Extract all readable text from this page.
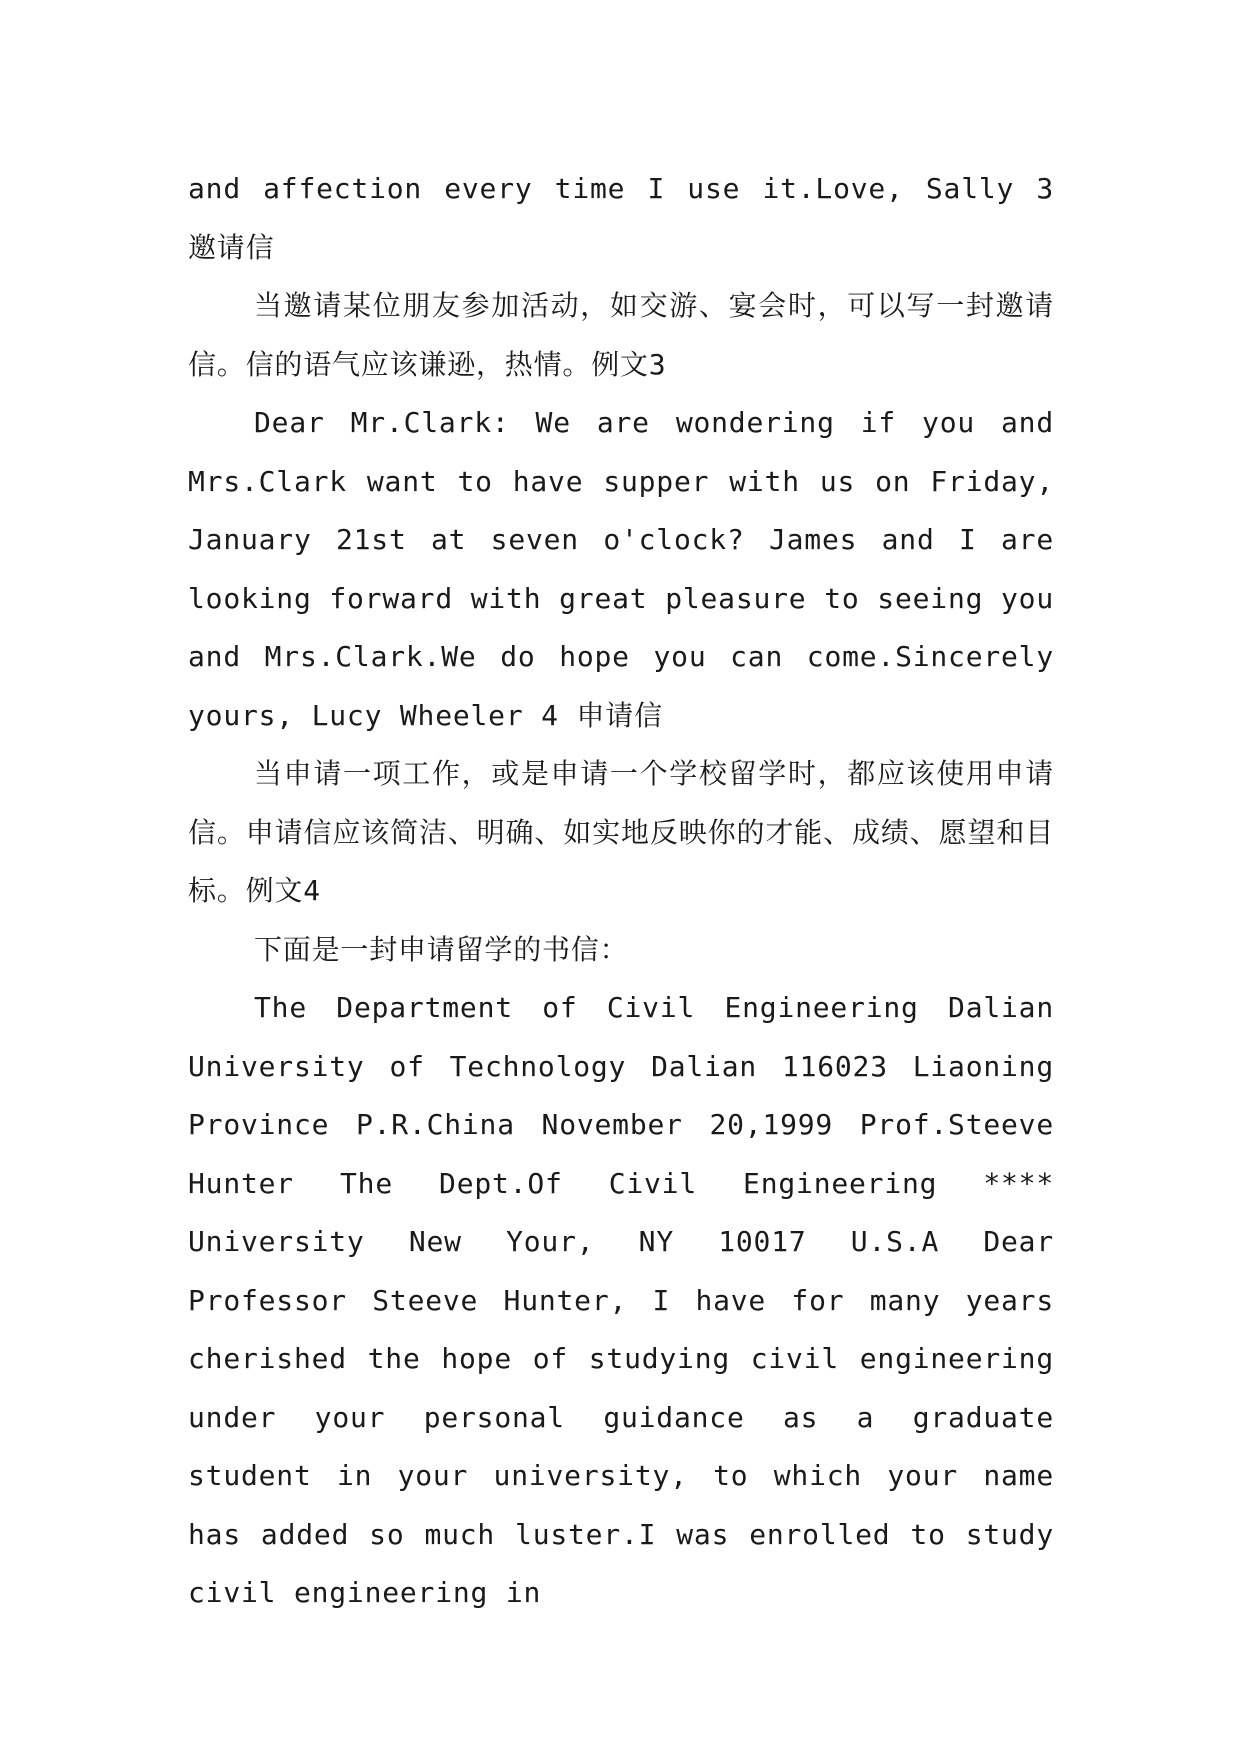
and affection every time I use it.Love, Sally 3 邀请信

当邀请某位朋友参加活动，如交游、宴会时，可以写一封邀请信。信的语气应该谦逊，热情。例文3

Dear Mr.Clark: We are wondering if you and Mrs.Clark want to have supper with us on Friday, January 21st at seven o'clock? James and I are looking forward with great pleasure to seeing you and Mrs.Clark.We do hope you can come.Sincerely yours, Lucy Wheeler 4 申请信

当申请一项工作，或是申请一个学校留学时，都应该使用申请信。申请信应该简洁、明确、如实地反映你的才能、成绩、愿望和目标。例文4

下面是一封申请留学的书信：

The Department of Civil Engineering Dalian University of Technology Dalian 116023 Liaoning Province P.R.China November 20,1999 Prof.Steeve Hunter The Dept.Of Civil Engineering **** University New Your, NY 10017 U.S.A Dear Professor Steeve Hunter, I have for many years cherished the hope of studying civil engineering under your personal guidance as a graduate student in your university, to which your name has added so much luster.I was enrolled to study civil engineering in
